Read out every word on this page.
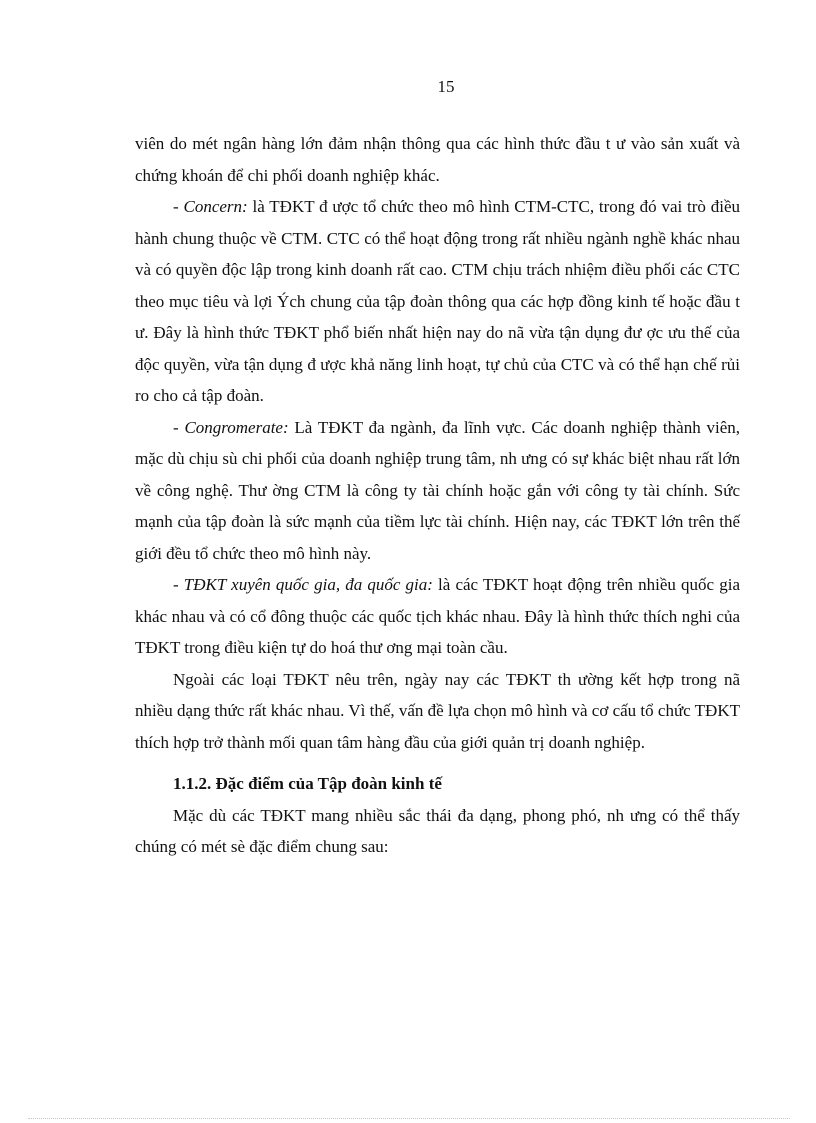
15

viên do mét ngân hàng lớn đảm nhận thông qua các hình thức đầu t ư vào sản xuất và chứng khoán để chi phối doanh nghiệp khác.

- Concern: là TĐKT đ ược tổ chức theo mô hình CTM-CTC, trong đó vai trò điều hành chung thuộc về CTM. CTC có thể hoạt động trong rất nhiều ngành nghề khác nhau và có quyền độc lập trong kinh doanh rất cao. CTM chịu trách nhiệm điều phối các CTC theo mục tiêu và lợi Ých chung của tập đoàn thông qua các hợp đồng kinh tế hoặc đầu t ư. Đây là hình thức TĐKT phổ biến nhất hiện nay do nã vừa tận dụng đư ợc ưu thế của độc quyền, vừa tận dụng đ ược khả năng linh hoạt, tự chủ của CTC và có thể hạn chế rủi ro cho cả tập đoàn.

- Congromerate: Là TĐKT đa ngành, đa lĩnh vực. Các doanh nghiệp thành viên, mặc dù chịu sù chi phối của doanh nghiệp trung tâm, nh ưng có sự khác biệt nhau rất lớn về công nghệ. Thư ờng CTM là công ty tài chính hoặc gắn với công ty tài chính. Sức mạnh của tập đoàn là sức mạnh của tiềm lực tài chính. Hiện nay, các TĐKT lớn trên thế giới đều tổ chức theo mô hình này.

- TĐKT xuyên quốc gia, đa quốc gia: là các TĐKT hoạt động trên nhiều quốc gia khác nhau và có cổ đông thuộc các quốc tịch khác nhau. Đây là hình thức thích nghi của TĐKT trong điều kiện tự do hoá thư ơng mại toàn cầu.

Ngoài các loại TĐKT nêu trên, ngày nay các TĐKT th ường kết hợp trong nã nhiều dạng thức rất khác nhau. Vì thế, vấn đề lựa chọn mô hình và cơ cấu tổ chức TĐKT thích hợp trở thành mối quan tâm hàng đầu của giới quản trị doanh nghiệp.

1.1.2. Đặc điểm của Tập đoàn kinh tế

Mặc dù các TĐKT mang nhiều sắc thái đa dạng, phong phó, nh ưng có thể thấy chúng có mét sè đặc điểm chung sau:
